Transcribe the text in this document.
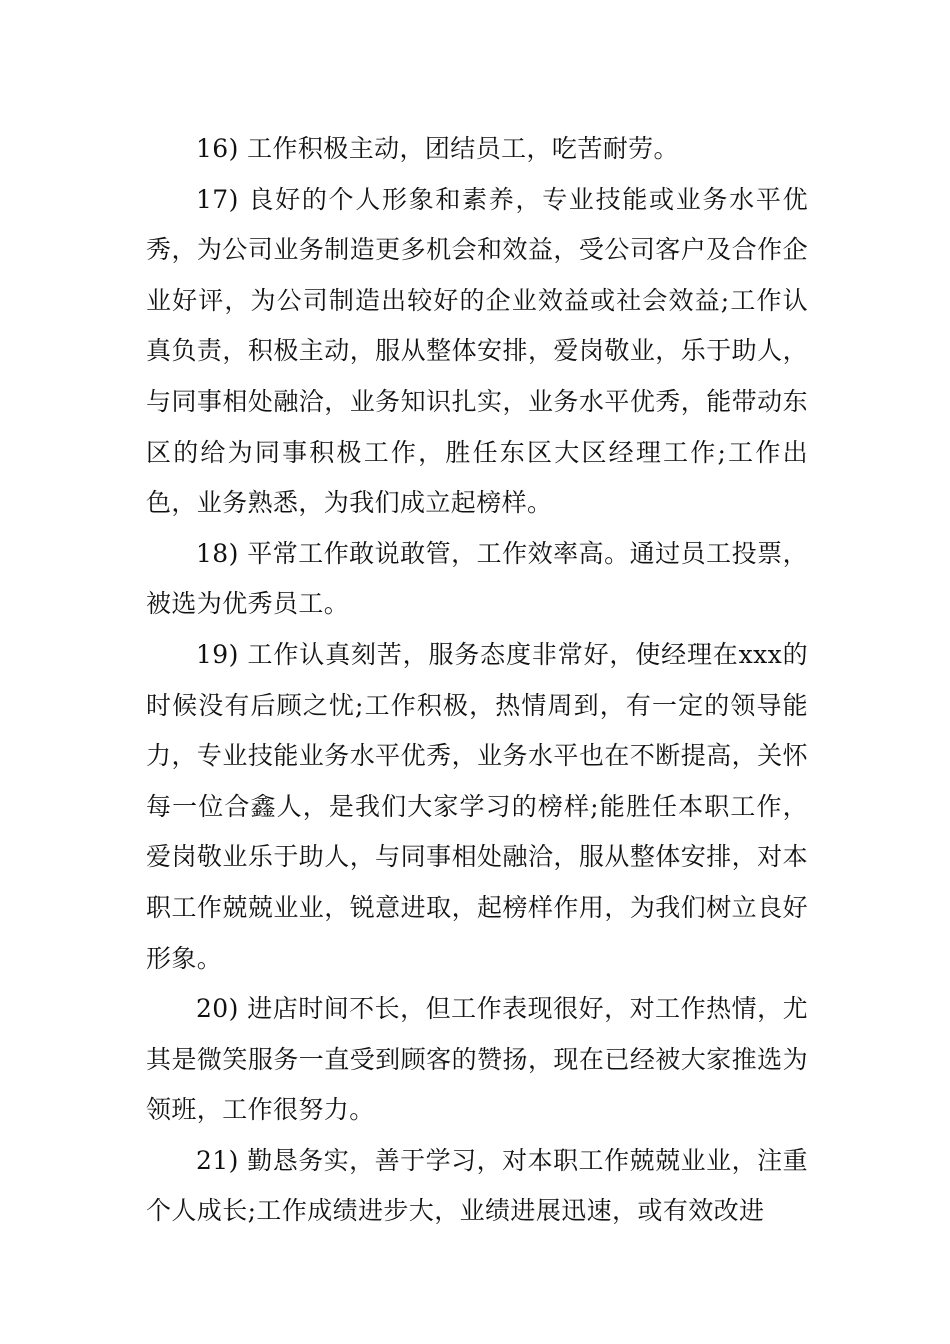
16) 工作积极主动，团结员工，吃苦耐劳。

17) 良好的个人形象和素养，专业技能或业务水平优秀，为公司业务制造更多机会和效益，受公司客户及合作企业好评，为公司制造出较好的企业效益或社会效益;工作认真负责，积极主动，服从整体安排，爱岗敬业，乐于助人，与同事相处融洽，业务知识扎实，业务水平优秀，能带动东区的给为同事积极工作，胜任东区大区经理工作;工作出色，业务熟悉，为我们成立起榜样。

18) 平常工作敢说敢管，工作效率高。通过员工投票，被选为优秀员工。

19) 工作认真刻苦，服务态度非常好，使经理在xxx的时候没有后顾之忧;工作积极，热情周到，有一定的领导能力，专业技能业务水平优秀，业务水平也在不断提高，关怀每一位合鑫人，是我们大家学习的榜样;能胜任本职工作，爱岗敬业乐于助人，与同事相处融洽，服从整体安排，对本职工作兢兢业业，锐意进取，起榜样作用，为我们树立良好形象。

20) 进店时间不长，但工作表现很好，对工作热情，尤其是微笑服务一直受到顾客的赞扬，现在已经被大家推选为领班，工作很努力。

21) 勤恳务实，善于学习，对本职工作兢兢业业，注重个人成长;工作成绩进步大，业绩进展迅速，或有效改进
